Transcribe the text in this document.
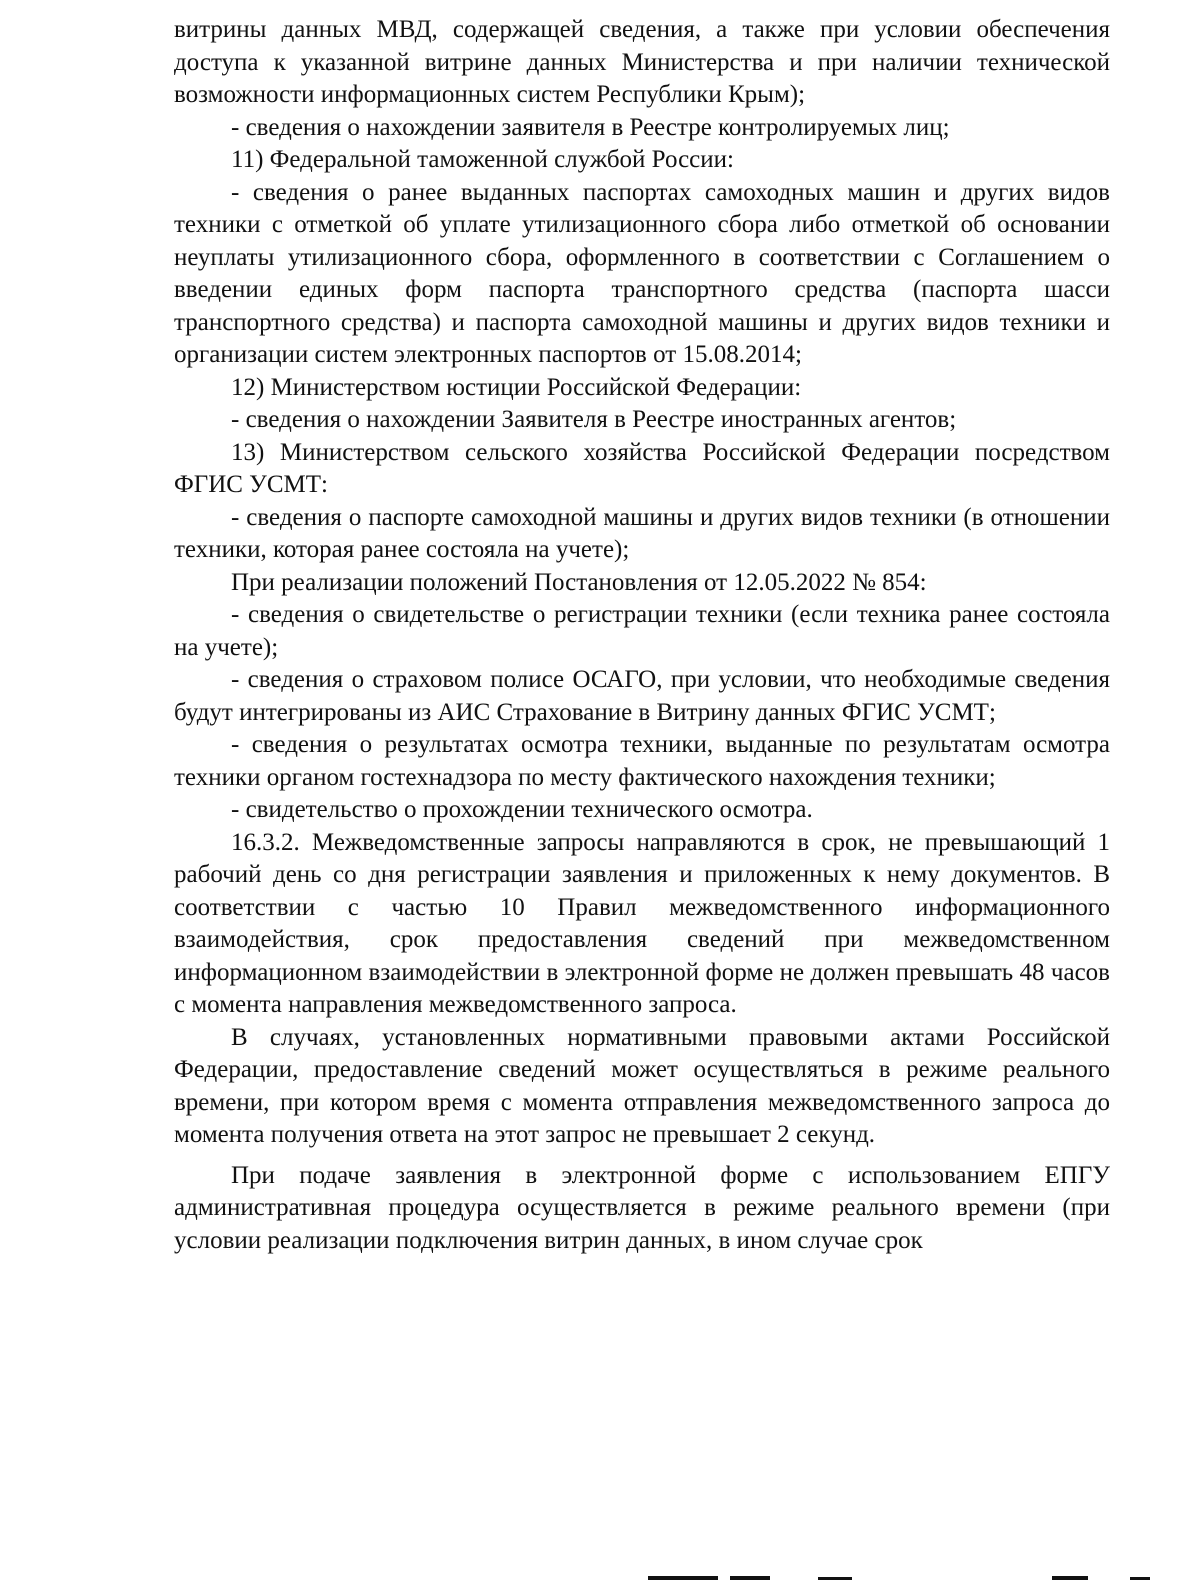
витрины данных МВД, содержащей сведения, а также при условии обеспечения доступа к указанной витрине данных Министерства и при наличии технической возможности информационных систем Республики Крым);

- сведения о нахождении заявителя в Реестре контролируемых лиц;

11) Федеральной таможенной службой России:

- сведения о ранее выданных паспортах самоходных машин и других видов техники с отметкой об уплате утилизационного сбора либо отметкой об основании неуплаты утилизационного сбора, оформленного в соответствии с Соглашением о введении единых форм паспорта транспортного средства (паспорта шасси транспортного средства) и паспорта самоходной машины и других видов техники и организации систем электронных паспортов от 15.08.2014;

12) Министерством юстиции Российской Федерации:

- сведения о нахождении Заявителя в Реестре иностранных агентов;

13) Министерством сельского хозяйства Российской Федерации посредством ФГИС УСМТ:

- сведения о паспорте самоходной машины и других видов техники (в отношении техники, которая ранее состояла на учете);

При реализации положений Постановления от 12.05.2022 № 854:

- сведения о свидетельстве о регистрации техники (если техника ранее состояла на учете);

- сведения о страховом полисе ОСАГО, при условии, что необходимые сведения будут интегрированы из АИС Страхование в Витрину данных ФГИС УСМТ;

- сведения о результатах осмотра техники, выданные по результатам осмотра техники органом гостехнадзора по месту фактического нахождения техники;

- свидетельство о прохождении технического осмотра.

16.3.2. Межведомственные запросы направляются в срок, не превышающий 1 рабочий день со дня регистрации заявления и приложенных к нему документов. В соответствии с частью 10 Правил межведомственного информационного взаимодействия, срок предоставления сведений при межведомственном информационном взаимодействии в электронной форме не должен превышать 48 часов с момента направления межведомственного запроса.

В случаях, установленных нормативными правовыми актами Российской Федерации, предоставление сведений может осуществляться в режиме реального времени, при котором время с момента отправления межведомственного запроса до момента получения ответа на этот запрос не превышает 2 секунд.

При подаче заявления в электронной форме с использованием ЕПГУ административная процедура осуществляется в режиме реального времени (при условии реализации подключения витрин данных, в ином случае срок
